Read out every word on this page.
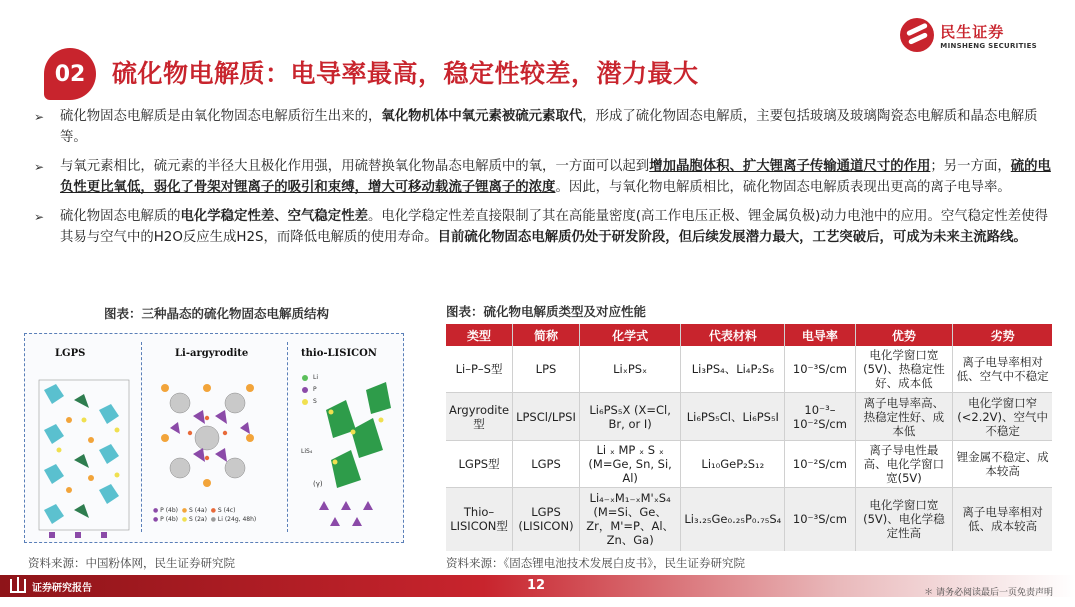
02 硫化物电解质：电导率最高，稳定性较差，潜力最大
民生证券
MINSHENG SECURITIES
➢	硫化物固态电解质是由氧化物固态电解质衍生出来的，氧化物机体中氧元素被硫元素取代，形成了硫化物固态电解质，主要包括玻璃及玻璃陶瓷态电解质和晶态电解质等。
➢	与氧元素相比，硫元素的半径大且极化作用强，用硫替换氧化物晶态电解质中的氧，一方面可以起到增加晶胞体积、扩大锂离子传输通道尺寸的作用；另一方面，硫的电负性更比氧低，弱化了骨架对锂离子的吸引和束缚，增大可移动载流子锂离子的浓度。因此，与氧化物电解质相比，硫化物固态电解质表现出更高的离子电导率。
➢	硫化物固态电解质的电化学稳定性差、空气稳定性差。电化学稳定性差直接限制了其在高能量密度(高工作电压正极、锂金属负极)动力电池中的应用。空气稳定性差使得其易与空气中的H2O反应生成H2S，而降低电解质的使用寿命。目前硫化物固态电解质仍处于研发阶段，但后续发展潜力最大，工艺突破后，可成为未来主流路线。
图表：三种晶态的硫化物固态电解质结构	图表：硫化物电解质类型及对应性能
LGPS	Li-argyrodite
● P (4b) ● S (4a) ● S (4c)
● P (4b) ● S (2a) ● Li (24g, 48h)
thio-LISICON
Li
P
S
LiS₄
(γ)
类型	简称	化学式	代表材料	电导率	优势	劣势
Li–P–S型	LPS	LiₓPSₓ	Li₃PS₄、Li₄P₂S₆	10⁻³S/cm	电化学窗口宽(5V)、热稳定性好、成本低	离子电导率相对低、空气中不稳定
Argyrodite型	LPSCl/LPSI	Li₆PS₅X (X=Cl, Br, or I)	Li₆PS₅Cl、Li₆PS₅I	10⁻³–10⁻²S/cm	离子电导率高、热稳定性好、成本低	电化学窗口窄(<2.2V)、空气中不稳定
LGPS型	LGPS	Li ₓ MP ₓ S ₓ (M=Ge, Sn, Si, Al)	Li₁₀GeP₂S₁₂	10⁻²S/cm	离子导电性最高、电化学窗口宽(5V)	锂金属不稳定、成本较高
Thio–LISICON型	LGPS (LISICON)	Li₄₋ₓM₁₋ₓM'ₓS₄ (M=Si、Ge、Zr，M'=P、Al、Zn、Ga)	Li₃.₂₅Ge₀.₂₅P₀.₇₅S₄	10⁻³S/cm	电化学窗口宽(5V)、电化学稳定性高	离子电导率相对低、成本较高
资料来源：中国粉体网，民生证券研究院	资料来源：《固态锂电池技术发展白皮书》，民生证券研究院
证券研究报告	12	＊ 请务必阅读最后一页免责声明
